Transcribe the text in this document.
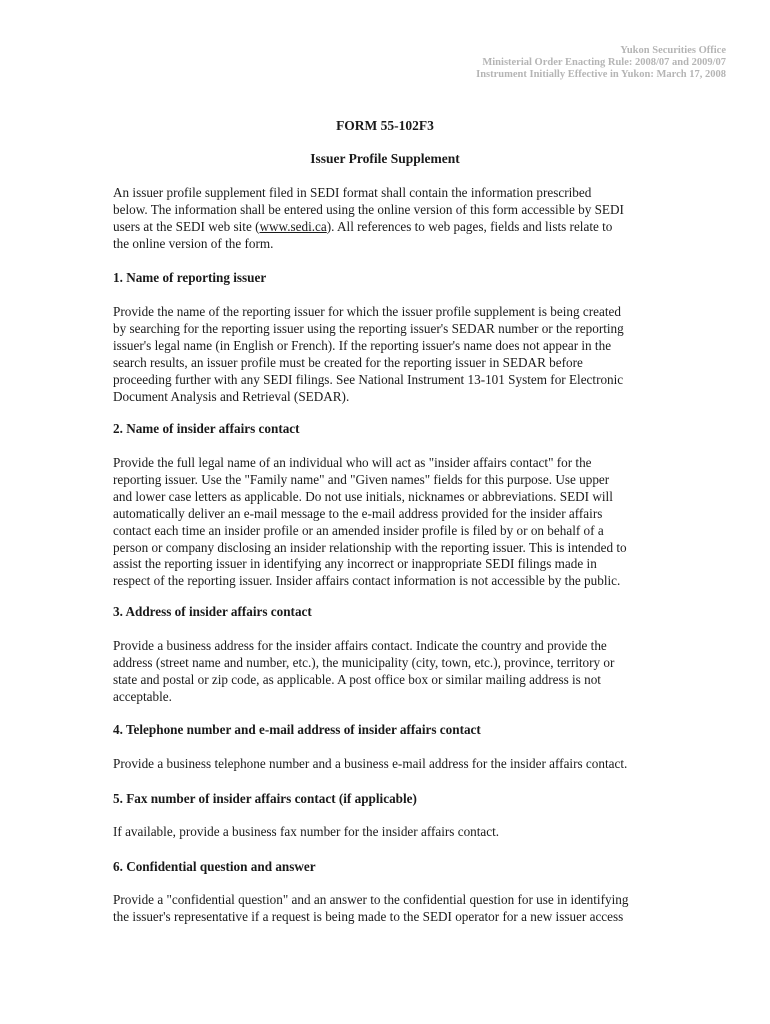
Yukon Securities Office
Ministerial Order Enacting Rule: 2008/07 and 2009/07
Instrument Initially Effective in Yukon: March 17, 2008
FORM 55-102F3
Issuer Profile Supplement

An issuer profile supplement filed in SEDI format shall contain the information prescribed
below. The information shall be entered using the online version of this form accessible by SEDI
users at the SEDI web site (www.sedi.ca). All references to web pages, fields and lists relate to
the online version of the form.

1. Name of reporting issuer

Provide the name of the reporting issuer for which the issuer profile supplement is being created
by searching for the reporting issuer using the reporting issuer's SEDAR number or the reporting
issuer's legal name (in English or French). If the reporting issuer's name does not appear in the
search results, an issuer profile must be created for the reporting issuer in SEDAR before
proceeding further with any SEDI filings. See National Instrument 13-101 System for Electronic
Document Analysis and Retrieval (SEDAR).

2. Name of insider affairs contact

Provide the full legal name of an individual who will act as "insider affairs contact" for the
reporting issuer. Use the "Family name" and "Given names" fields for this purpose. Use upper
and lower case letters as applicable. Do not use initials, nicknames or abbreviations. SEDI will
automatically deliver an e-mail message to the e-mail address provided for the insider affairs
contact each time an insider profile or an amended insider profile is filed by or on behalf of a
person or company disclosing an insider relationship with the reporting issuer. This is intended to
assist the reporting issuer in identifying any incorrect or inappropriate SEDI filings made in
respect of the reporting issuer. Insider affairs contact information is not accessible by the public.

3. Address of insider affairs contact

Provide a business address for the insider affairs contact. Indicate the country and provide the
address (street name and number, etc.), the municipality (city, town, etc.), province, territory or
state and postal or zip code, as applicable. A post office box or similar mailing address is not
acceptable.

4. Telephone number and e-mail address of insider affairs contact

Provide a business telephone number and a business e-mail address for the insider affairs contact.

5. Fax number of insider affairs contact (if applicable)

If available, provide a business fax number for the insider affairs contact.

6. Confidential question and answer

Provide a "confidential question" and an answer to the confidential question for use in identifying
the issuer's representative if a request is being made to the SEDI operator for a new issuer access
